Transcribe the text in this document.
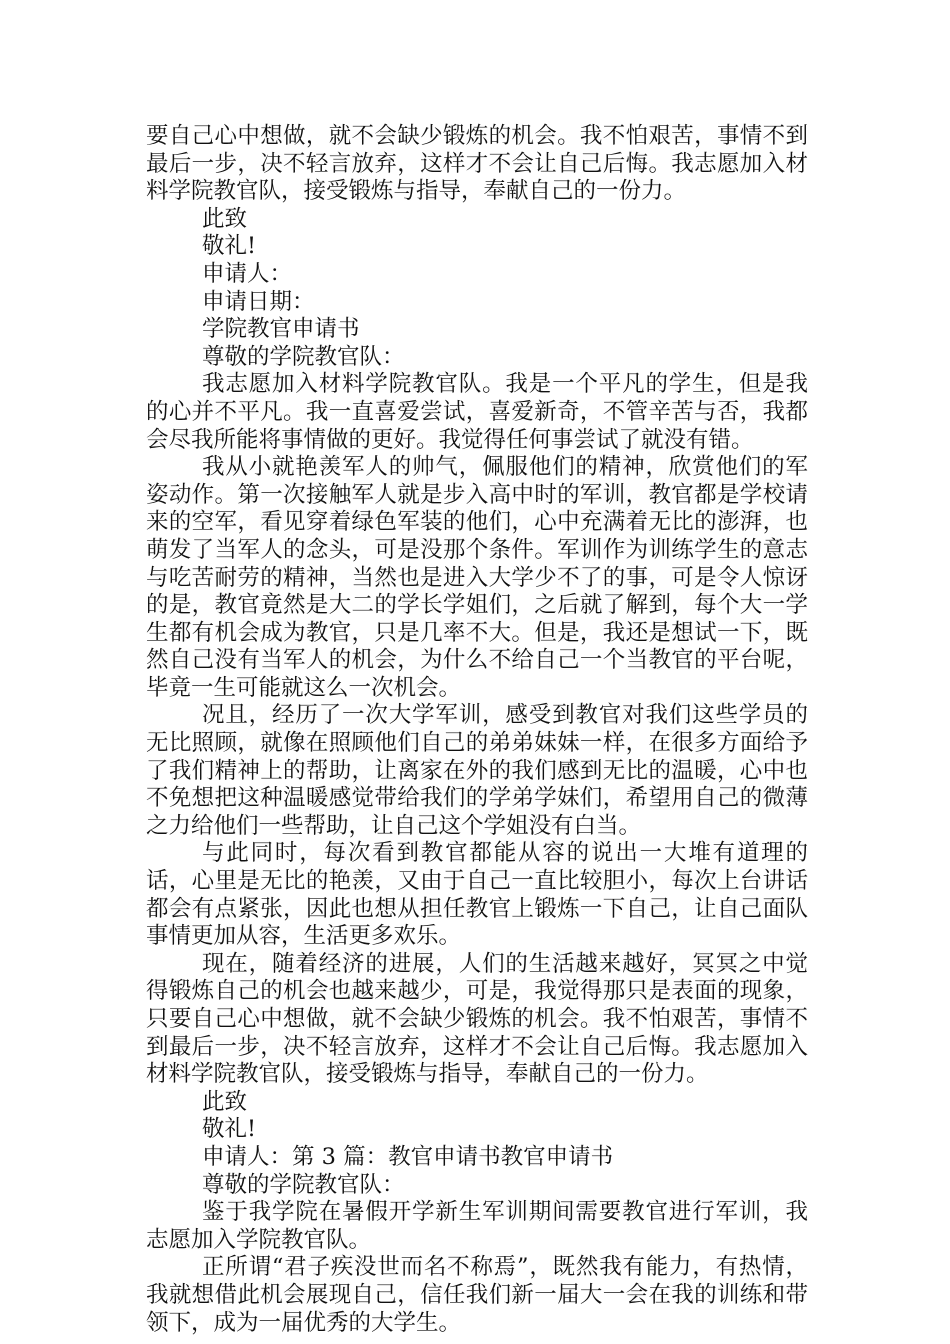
要自己心中想做，就不会缺少锻炼的机会。我不怕艰苦，事情不到最后一步，决不轻言放弃，这样才不会让自己后悔。我志愿加入材料学院教官队，接受锻炼与指导，奉献自己的一份力。

此致

敬礼!

申请人：

申请日期：

学院教官申请书

尊敬的学院教官队：

我志愿加入材料学院教官队。我是一个平凡的学生，但是我的心并不平凡。我一直喜爱尝试，喜爱新奇，不管辛苦与否，我都会尽我所能将事情做的更好。我觉得任何事尝试了就没有错。

我从小就艳羡军人的帅气，佩服他们的精神，欣赏他们的军姿动作。第一次接触军人就是步入高中时的军训，教官都是学校请来的空军，看见穿着绿色军装的他们，心中充满着无比的澎湃，也萌发了当军人的念头，可是没那个条件。军训作为训练学生的意志与吃苦耐劳的精神，当然也是进入大学少不了的事，可是令人惊讶的是，教官竟然是大二的学长学姐们，之后就了解到，每个大一学生都有机会成为教官，只是几率不大。但是，我还是想试一下，既然自己没有当军人的机会，为什么不给自己一个当教官的平台呢，毕竟一生可能就这么一次机会。

况且，经历了一次大学军训，感受到教官对我们这些学员的无比照顾，就像在照顾他们自己的弟弟妹妹一样，在很多方面给予了我们精神上的帮助，让离家在外的我们感到无比的温暖，心中也不免想把这种温暖感觉带给我们的学弟学妹们，希望用自己的微薄之力给他们一些帮助，让自己这个学姐没有白当。

与此同时，每次看到教官都能从容的说出一大堆有道理的话，心里是无比的艳羡，又由于自己一直比较胆小，每次上台讲话都会有点紧张，因此也想从担任教官上锻炼一下自己，让自己面队事情更加从容，生活更多欢乐。

现在，随着经济的进展，人们的生活越来越好，冥冥之中觉得锻炼自己的机会也越来越少，可是，我觉得那只是表面的现象，只要自己心中想做，就不会缺少锻炼的机会。我不怕艰苦，事情不到最后一步，决不轻言放弃，这样才不会让自己后悔。我志愿加入材料学院教官队，接受锻炼与指导，奉献自己的一份力。

此致

敬礼!

申请人：第 3 篇：教官申请书教官申请书

尊敬的学院教官队：

鉴于我学院在暑假开学新生军训期间需要教官进行军训，我志愿加入学院教官队。

正所谓“君子疾没世而名不称焉”，既然我有能力，有热情，我就想借此机会展现自己，信任我们新一届大一会在我的训练和带领下，成为一届优秀的大学生。
